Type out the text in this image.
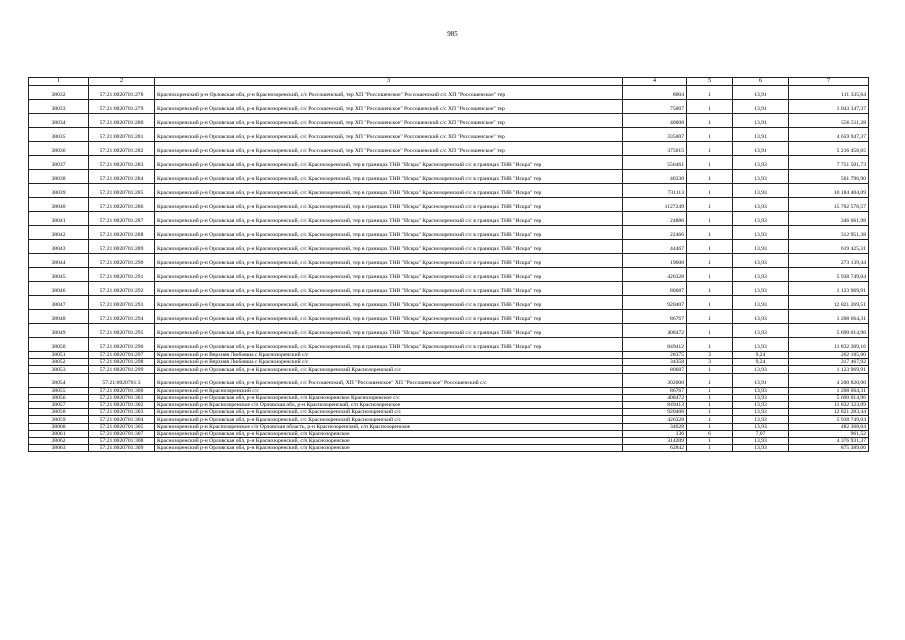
985
1	2	3	4	5	6	7
38032	57:21:0020701:278	Красноzоренский р-н Орловская обл, р-н Краснозоренский, с/с Россошенский, тер ХП "Россошенское" Россошенский с/с ХП "Россошенское" тер	8004	1	13,91	111 335,64
38033	57:21:0020701:279	Краснозоренский р-н Орловская обл, р-н Краснозоренский, с/с Россошенский, тер ХП "Россошенское" Россошенский с/с ХП "Россошенское" тер	75007	1	13,91	1 043 347,37
38034	57:21:0020701:280	Краснозоренский р-н Орловская обл, р-н Краснозоренский, с/с Россошенский, тер ХП "Россошенское" Россошенский с/с ХП "Россошенское" тер	40008	1	13,91	556 511,28
38035	57:21:0020701:281	Краснозоренский р-н Орловская обл, р-н Краснозоренский, с/с Россошенский, тер ХП "Россошенское" Россошенский с/с ХП "Россошенское" тер	335007	1	13,91	4 659 947,37
38036	57:21:0020701:282	Краснозоренский р-н Орловская обл, р-н Краснозоренский, с/с Россошенский, тер ХП "Россошенское" Россошенский с/с ХП "Россошенское" тер	375015	1	13,91	5 216 458,65
38037	57:21:0020701:283	Краснозоренский р-н Орловская обл, р-н Краснозоренский, с/с Краснозоренский, тер в границах ТНВ "Искра" Краснозоренский с/с в границах ТНВ "Искра" тер	556461	1	13,93	7 751 501,73
38038	57:21:0020701:284	Краснозоренский р-н Орловская обл, р-н Краснозоренский, с/с Краснозоренский, тер в границах ТНВ "Искра" Краснозоренский с/с в границах ТНВ "Искра" тер	40330	1	13,93	561 796,90
38039	57:21:0020701:285	Краснозоренский р-н Орловская обл, р-н Краснозоренский, с/с Краснозоренский, тер в границах ТНВ "Искра" Краснозоренский с/с в границах ТНВ "Искра" тер	731113	1	13,93	10 184 404,09
38040	57:21:0020701:286	Краснозоренский р-н Орловская обл, р-н Краснозоренский, с/с Краснозоренский, тер в границах ТНВ "Искра" Краснозоренский с/с в границах ТНВ "Искра" тер	1127249	1	13,93	15 702 578,57
38041	57:21:0020701:287	Краснозоренский р-н Орловская обл, р-н Краснозоренский, с/с Краснозоренский, тер в границах ТНВ "Искра" Краснозоренский с/с в границах ТНВ "Искра" тер	24886	1	13,93	346 661,98
38042	57:21:0020701:288	Краснозоренский р-н Орловская обл, р-н Краснозоренский, с/с Краснозоренский, тер в границах ТНВ "Искра" Краснозоренский с/с в границах ТНВ "Искра" тер	22466	1	13,93	312 951,38
38043	57:21:0020701:289	Краснозоренский р-н Орловская обл, р-н Краснозоренский, с/с Краснозоренский, тер в границах ТНВ "Искра" Краснозоренский с/с в границах ТНВ "Искра" тер	44467	1	13,93	619 425,31
38044	57:21:0020701:290	Краснозоренский р-н Орловская обл, р-н Краснозоренский, с/с Краснозоренский, тер в границах ТНВ "Искра" Краснозоренский с/с в границах ТНВ "Искра" тер	19608	1	13,93	273 139,44
38045	57:21:0020701:291	Краснозоренский р-н Орловская обл, р-н Краснозоренский, с/с Краснозоренский, тер в границах ТНВ "Искра" Краснозоренский с/с в границах ТНВ "Искра" тер	426328	1	13,93	5 938 749,04
38046	57:21:0020701:292	Краснозоренский р-н Орловская обл, р-н Краснозоренский, с/с Краснозоренский, тер в границах ТНВ "Искра" Краснозоренский с/с в границах ТНВ "Искра" тер	80687	1	13,93	1 123 969,91
38047	57:21:0020701:293	Краснозоренский р-н Орловская обл, р-н Краснозоренский, с/с Краснозоренский, тер в границах ТНВ "Искра" Краснозоренский с/с в границах ТНВ "Искра" тер	920407	1	13,93	12 821 269,51
38048	57:21:0020701:294	Краснозоренский р-н Орловская обл, р-н Краснозоренский, с/с Краснозоренский, тер в границах ТНВ "Искра" Краснозоренский с/с в границах ТНВ "Искра" тер	86767	1	13,93	1 208 664,31
38049	57:21:0020701:295	Краснозоренский р-н Орловская обл, р-н Краснозоренский, с/с Краснозоренский, тер в границах ТНВ "Искра" Краснозоренский с/с в границах ТНВ "Искра" тер	408472	1	13,93	5 690 014,96
38050	57:21:0020701:296	Краснозоренский р-н Орловская обл, р-н Краснозоренский, с/с Краснозоренский, тер в границах ТНВ "Искра" Краснозоренский с/с в границах ТНВ "Искра" тер	849412	1	13,93	11 832 309,16
38051	57:21:0020701:297	Краснозоренский р-н Верхняя Любовша с Краснозоренский с/с	28375	3	9,24	262 185,00
38052	57:21:0020701:298	Краснозоренский р-н Верхняя Любовша с Краснозоренский с/с	34358	3	9,24	317 467,92
38053	57:21:0020701:299	Краснозоренский р-н Орловская обл, р-н Краснозоренский, с/с Краснозоренский Краснозоренский с/с	80687	1	13,93	1 123 969,91
38054	57:21:0020701:3	Краснозоренский р-н Орловская обл, р-н Краснозоренский, с/с Россошенский, ХП "Россошенское" ХП "Россошенское" Россошенский с/с	302000	1	13,91	4 200 820,00
38055	57:21:0020701:300	Краснозоренский р-н Краснозоренский с/с	86767	1	13,93	1 208 664,31
38056	57:21:0020701:301	Краснозоренский р-н Орловская обл, р-н Краснозоренский, с/п Краснозоренское Краснозоренское с/с	408472	1	13,93	5 690 014,96
38057	57:21:0020701:302	Краснозоренский р-н Краснозоренское с/п Орловская обл, р-н Краснозоренский, с/п Краснозоренское	849413	1	13,93	11 832 323,09
38058	57:21:0020701:303	Краснозоренский р-н Орловская обл, р-н Краснозоренский, с/с Краснозоренский Краснозоренский с/с	920408	1	13,93	12 821 283,44
38059	57:21:0020701:304	Краснозоренский р-н Орловская обл, р-н Краснозоренский, с/с Краснозоренский Краснозоренский с/с	426328	1	13,93	5 938 749,04
38060	57:21:0020701:305	Краснозоренский р-н Краснозоренское с/п Орловская область, р-н Краснозоренский, с/п Краснозоренское	34628	1	13,93	482 368,04
38061	57:21:0020701:307	Краснозоренский р-н Орловская обл, р-н Краснозоренский, с/п Краснозоренское	136	6	7,07	961,52
38062	57:21:0020701:308	Краснозоренский р-н Орловская обл, р-н Краснозоренский, с/п Краснозоренское	314209	1	13,93	4 376 931,37
38063	57:21:0020701:309	Краснозоренский р-н Орловская обл, р-н Краснозоренский, с/п Краснозоренское	62842	1	13,93	875 389,06
